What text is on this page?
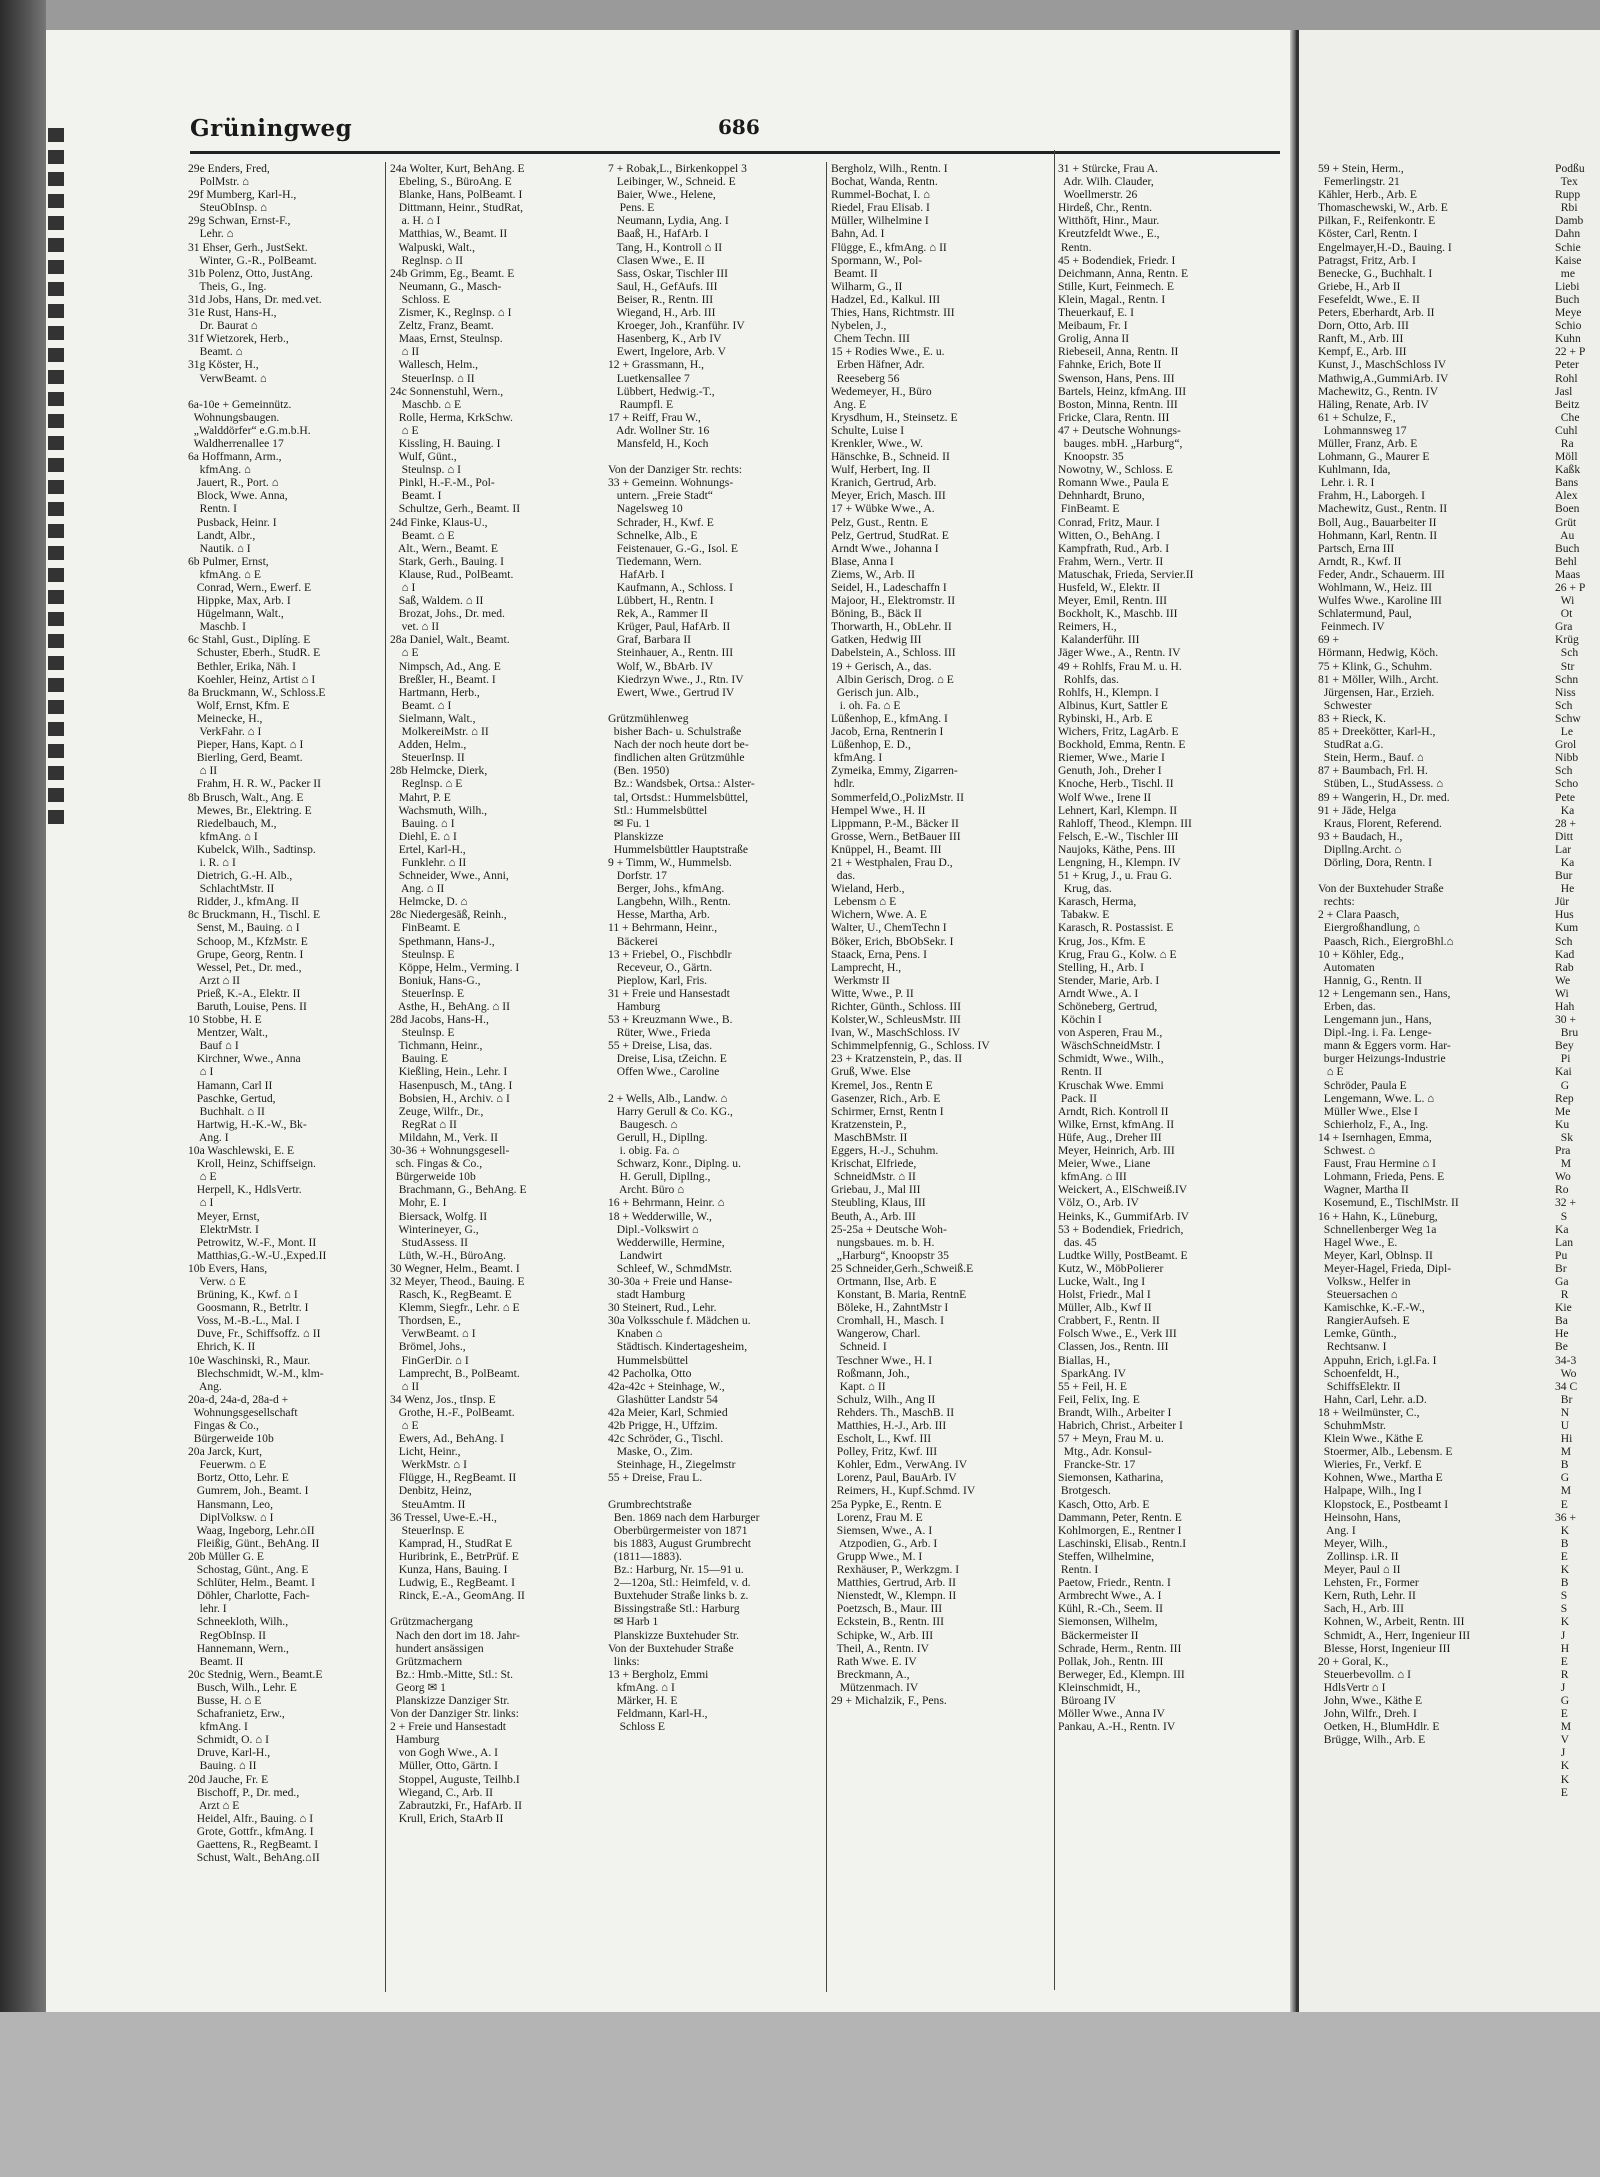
Grüningweg	686
29e Enders, Fred,
PolMstr. ⌂
29f Mumberg, Karl-H.,
SteuObInsp. ⌂
29g Schwan, Ernst-F.,
Lehr. ⌂
31 Ehser, Gerh., JustSekt.
Winter, G.-R., PolBeamt.
31b Polenz, Otto, JustAng.
Theis, G., Ing.
31d Jobs, Hans, Dr. med.vet.
31e Rust, Hans-H.,
Dr. Baurat ⌂
31f Wietzorek, Herb.,
Beamt. ⌂
31g Köster, H.,
VerwBeamt. ⌂

6a-10e + Gemeinnütz.
Wohnungsbaugen.
„Walddörfer“ e.G.m.b.H.
Waldherrenallee 17
6a Hoffmann, Arm.,
kfmAng. ⌂
Jauert, R., Port. ⌂
Block, Wwe. Anna,
Rentn. I
Pusback, Heinr. I
Landt, Albr.,
Nautik. ⌂ I
6b Pulmer, Ernst,
kfmAng. ⌂ E
Conrad, Wern., Ewerf. E
Hippke, Max, Arb. I
Hügelmann, Walt.,
Maschb. I
6c Stahl, Gust., Diplíng. E
Schuster, Eberh., StudR. E
Bethler, Erika, Näh. I
Koehler, Heinz, Artist ⌂ I
8a Bruckmann, W., Schloss.E
Wolf, Ernst, Kfm. E
Meinecke, H.,
VerkFahr. ⌂ I
Pieper, Hans, Kapt. ⌂ I
Bierling, Gerd, Beamt.
⌂ II
Frahm, H. R. W., Packer II
8b Brusch, Walt., Ang. E
Mewes, Br., Elektring. E
Riedelbauch, M.,
kfmAng. ⌂ I
Kubelck, Wilh., Sadtinsp.
i. R. ⌂ I
Dietrich, G.-H. Alb.,
SchlachtMstr. II
Ridder, J., kfmAng. II
8c Bruckmann, H., Tischl. E
Senst, M., Bauing. ⌂ I
Schoop, M., KfzMstr. E
Grupe, Georg, Rentn. I
Wessel, Pet., Dr. med.,
Arzt ⌂ II
Prieß, K.-A., Elektr. II
Baruth, Louise, Pens. II
10 Stobbe, H. E
Mentzer, Walt.,
Bauf ⌂ I
Kirchner, Wwe., Anna
⌂ I
Hamann, Carl II
Paschke, Gertud,
Buchhalt. ⌂ II
Hartwig, H.-K.-W., Bk-
Ang. I
10a Waschlewski, E. E
Kroll, Heinz, Schiffseign.
⌂ E
Herpell, K., HdlsVertr.
⌂ I
Meyer, Ernst,
ElektrMstr. I
Petrowitz, W.-F., Mont. II
Matthias,G.-W.-U.,Exped.II
10b Evers, Hans,
Verw. ⌂ E
Brüning, K., Kwf. ⌂ I
Goosmann, R., Betrltr. I
Voss, M.-B.-L., Mal. I
Duve, Fr., Schiffsoffz. ⌂ II
Ehrich, K. II
10e Waschinski, R., Maur.
Blechschmidt, W.-M., klm-
Ang.
20a-d, 24a-d, 28a-d +
Wohnungsgesellschaft
Fingas & Co.,
Bürgerweide 10b
20a Jarck, Kurt,
Feuerwm. ⌂ E
Bortz, Otto, Lehr. E
Gumrem, Joh., Beamt. I
Hansmann, Leo,
DiplVolksw. ⌂ I
Waag, Ingeborg, Lehr.⌂II
Fleißig, Günt., BehAng. II
20b Müller G. E
Schostag, Günt., Ang. E
Schlüter, Helm., Beamt. I
Döhler, Charlotte, Fach-
lehr. I
Schneekloth, Wilh.,
RegObInsp. II
Hannemann, Wern.,
Beamt. II
20c Stednig, Wern., Beamt.E
Busch, Wilh., Lehr. E
Busse, H. ⌂ E
Schafranietz, Erw.,
kfmAng. I
Schmidt, O. ⌂ I
Druve, Karl-H.,
Bauing. ⌂ II
20d Jauche, Fr. E
Bischoff, P., Dr. med.,
Arzt ⌂ E
Heidel, Alfr., Bauing. ⌂ I
Grote, Gottfr., kfmAng. I
Gaettens, R., RegBeamt. I
Schust, Walt., BehAng.⌂II
24a Wolter, Kurt, BehAng. E
Ebeling, S., BüroAng. E
Blanke, Hans, PolBeamt. I
Dittmann, Heinr., StudRat,
a. H. ⌂ I
Matthias, W., Beamt. II
Walpuski, Walt.,
Reglnsp. ⌂ II
24b Grimm, Eg., Beamt. E
Neumann, G., Masch-
Schloss. E
Zismer, K., Reglnsp. ⌂ I
Zeltz, Franz, Beamt.
Maas, Ernst, Steulnsp.
⌂ II
Wallesch, Helm.,
SteuerInsp. ⌂ II
24c Sonnenstuhl, Wern.,
Maschb. ⌂ E
Rolle, Herma, KrkSchw.
⌂ E
Kissling, H. Bauing. I
Wulf, Günt.,
Steulnsp. ⌂ I
Pinkl, H.-F.-M., Pol-
Beamt. I
Schultze, Gerh., Beamt. II
24d Finke, Klaus-U.,
Beamt. ⌂ E
Alt., Wern., Beamt. E
Stark, Gerh., Bauing. I
Klause, Rud., PolBeamt.
⌂ I
Saß, Waldem. ⌂ II
Brozat, Johs., Dr. med.
vet. ⌂ II
28a Daniel, Walt., Beamt.
⌂ E
Nimpsch, Ad., Ang. E
Breßler, H., Beamt. I
Hartmann, Herb.,
Beamt. ⌂ I
Sielmann, Walt.,
MolkereiMstr. ⌂ II
Adden, Helm.,
SteuerInsp. II
28b Helmcke, Dierk,
Reglnsp. ⌂ E
Mahrt, P. E
Wachsmuth, Wilh.,
Bauing. ⌂ I
Diehl, E. ⌂ I
Ertel, Karl-H.,
Funklehr. ⌂ II
Schneider, Wwe., Anni,
Ang. ⌂ II
Helmcke, D. ⌂
28c Niedergesäß, Reinh.,
FinBeamt. E
Spethmann, Hans-J.,
Steulnsp. E
Köppe, Helm., Verming. I
Boniuk, Hans-G.,
SteuerInsp. E
Asthe, H., BehAng. ⌂ II
28d Jacobs, Hans-H.,
Steulnsp. E
Tichmann, Heinr.,
Bauing. E
Kießling, Hein., Lehr. I
Hasenpusch, M., tAng. I
Bobsien, H., Archiv. ⌂ I
Zeuge, Wilfr., Dr.,
RegRat ⌂ II
Mildahn, M., Verk. II
30-36 + Wohnungsgesell-
sch. Fingas & Co.,
Bürgerweide 10b
Brachmann, G., BehAng. E
Mohr, E. I
Biersack, Wolfg. II
Winterineyer, G.,
StudAssess. II
Lüth, W.-H., BüroAng.
30 Wegner, Helm., Beamt. I
32 Meyer, Theod., Bauing. E
Rasch, K., RegBeamt. E
Klemm, Siegfr., Lehr. ⌂ E
Thordsen, E.,
VerwBeamt. ⌂ I
Brömel, Johs.,
FinGerDir. ⌂ I
Lamprecht, B., PolBeamt.
⌂ II
34 Wenz, Jos., tInsp. E
Grothe, H.-F., PolBeamt.
⌂ E
Ewers, Ad., BehAng. I
Licht, Heinr.,
WerkMstr. ⌂ I
Flügge, H., RegBeamt. II
Denbitz, Heinz,
SteuAmtm. II
36 Tressel, Uwe-E.-H.,
SteuerInsp. E
Kamprad, H., StudRat E
Huribrink, E., BetrPrüf. E
Kunza, Hans, Bauing. I
Ludwig, E., RegBeamt. I
Rinck, E.-A., GeomAng. II

Grützmachergang
Nach den dort im 18. Jahr-
hundert ansässigen
Grützmachern
Bz.: Hmb.-Mitte, Stl.: St.
Georg ✉ 1
Planskizze Danziger Str.
Von der Danziger Str. links:
2 + Freie und Hansestadt
Hamburg
von Gogh Wwe., A. I
Müller, Otto, Gärtn. I
Stoppel, Auguste, Teilhb.I
Wiegand, C., Arb. II
Zabrautzki, Fr., HafArb. II
Krull, Erich, StaArb II
7 + Robak,L., Birkenkoppel 3
Leibinger, W., Schneid. E
Baier, Wwe., Helene,
Pens. E
Neumann, Lydia, Ang. I
Baaß, H., HafArb. I
Tang, H., Kontroll ⌂ II
Clasen Wwe., E. II
Sass, Oskar, Tischler III
Saul, H., GefAufs. III
Beiser, R., Rentn. III
Wiegand, H., Arb. III
Kroeger, Joh., Kranführ. IV
Hasenberg, K., Arb IV
Ewert, Ingelore, Arb. V
12 + Grassmann, H.,
Luetkensallee 7
Lübbert, Hedwig.-T.,
Raumpfl. E
17 + Reiff, Frau W.,
Adr. Wollner Str. 16
Mansfeld, H., Koch

Von der Danziger Str. rechts:
33 + Gemeinn. Wohnungs-
untern. „Freie Stadt“
Nagelsweg 10
Schrader, H., Kwf. E
Schnelke, Alb., E
Feistenauer, G.-G., Isol. E
Tiedemann, Wern.
HafArb. I
Kaufmann, A., Schloss. I
Lübbert, H., Rentn. I
Rek, A., Rammer II
Krüger, Paul, HafArb. II
Graf, Barbara II
Steinhauer, A., Rentn. III
Wolf, W., BbArb. IV
Kiedrzyn Wwe., J., Rtn. IV
Ewert, Wwe., Gertrud IV

Grützmühlenweg
bisher Bach- u. Schulstraße
Nach der noch heute dort be-
findlichen alten Grützmühle
(Ben. 1950)
Bz.: Wandsbek, Ortsa.: Alster-
tal, Ortsdst.: Hummelsbüttel,
Stl.: Hummelsbüttel
✉ Fu. 1
Planskizze
Hummelsbüttler Hauptstraße
9 + Timm, W., Hummelsb.
Dorfstr. 17
Berger, Johs., kfmAng.
Langbehn, Wilh., Rentn.
Hesse, Martha, Arb.
11 + Behrmann, Heinr.,
Bäckerei
13 + Friebel, O., Fischbdlr
Receveur, O., Gärtn.
Pieplow, Karl, Fris.
31 + Freie und Hansestadt
Hamburg
53 + Kreuzmann Wwe., B.
Rüter, Wwe., Frieda
55 + Dreise, Lisa, das.
Dreise, Lisa, tZeichn. E
Offen Wwe., Caroline

2 + Wells, Alb., Landw. ⌂
Harry Gerull & Co. KG.,
Baugesch. ⌂
Gerull, H., Dipllng.
i. obig. Fa. ⌂
Schwarz, Konr., Diplng. u.
H. Gerull, Dipllng.,
Archt. Büro ⌂
16 + Behrmann, Heinr. ⌂
18 + Wedderwille, W.,
Dipl.-Volkswirt ⌂
Wedderwille, Hermine,
Landwirt
Schleef, W., SchmdMstr.
30-30a + Freie und Hanse-
stadt Hamburg
30 Steinert, Rud., Lehr.
30a Volksschule f. Mädchen u.
Knaben ⌂
Städtisch. Kindertagesheim,
Hummelsbüttel
42 Pacholka, Otto
42a-42c + Steinhage, W.,
Glashütter Landstr 54
42a Meier, Karl, Schmied
42b Prigge, H., Uffzim.
42c Schröder, G., Tischl.
Maske, O., Zim.
Steinhage, H., Ziegelmstr
55 + Dreise, Frau L.

Grumbrechtstraße
Ben. 1869 nach dem Harburger
Oberbürgermeister von 1871
bis 1883, August Grumbrecht
(1811—1883).
Bz.: Harburg, Nr. 15—91 u.
2—120a, Stl.: Heimfeld, v. d.
Buxtehuder Straße links b. z.
Bissingstraße Stl.: Harburg
✉ Harb 1
Planskizze Buxtehuder Str.
Von der Buxtehuder Straße
links:
13 + Bergholz, Emmi
kfmAng. ⌂ I
Märker, H. E
Feldmann, Karl-H.,
Schloss E
Bergholz, Wilh., Rentn. I
Bochat, Wanda, Rentn.
Rummel-Bochat, I. ⌂
Riedel, Frau Elisab. I
Müller, Wilhelmine I
Bahn, Ad. I
Flügge, E., kfmAng. ⌂ II
Spormann, W., Pol-
Beamt. II
Wilharm, G., II
Hadzel, Ed., Kalkul. III
Thies, Hans, Richtmstr. III
Nybelen, J.,
Chem Techn. III
15 + Rodies Wwe., E. u.
Erben Häfner, Adr.
Reeseberg 56
Wedemeyer, H., Büro
Ang. E
Krysdhum, H., Steinsetz. E
Schulte, Luise I
Krenkler, Wwe., W.
Hänschke, B., Schneid. II
Wulf, Herbert, Ing. II
Kranich, Gertrud, Arb.
Meyer, Erich, Masch. III
17 + Wübke Wwe., A.
Pelz, Gust., Rentn. E
Pelz, Gertrud, StudRat. E
Arndt Wwe., Johanna I
Blase, Anna I
Ziems, W., Arb. II
Seidel, H., Ladeschaffn I
Majoor, H., Elektromstr. II
Böning, B., Bäck II
Thorwarth, H., ObLehr. II
Gatken, Hedwig III
Dabelstein, A., Schloss. III
19 + Gerisch, A., das.
Albin Gerisch, Drog. ⌂ E
Gerisch jun. Alb.,
i. oh. Fa. ⌂ E
Lüßenhop, E., kfmAng. I
Jacob, Erna, Rentnerin I
Lüßenhop, E. D.,
kfmAng. I
Zymeika, Emmy, Zigarren-
hdlr.
Sommerfeld,O.,PolizMstr. II
Hempel Wwe., H. II
Lippmann, P.-M., Bäcker II
Grosse, Wern., BetBauer III
Knüppel, H., Beamt. III
21 + Westphalen, Frau D.,
das.
Wieland, Herb.,
Lebensm ⌂ E
Wichern, Wwe. A. E
Walter, U., ChemTechn I
Böker, Erich, BbObSekr. I
Staack, Erna, Pens. I
Lamprecht, H.,
Werkmstr II
Witte, Wwe., P. II
Richter, Günth., Schloss. III
Kolster,W., SchleusMstr. III
Ivan, W., MaschSchloss. IV
Schimmelpfennig, G., Schloss. IV
23 + Kratzenstein, P., das. II
Gruß, Wwe. Else
Kremel, Jos., Rentn E
Gasenzer, Rich., Arb. E
Schirmer, Ernst, Rentn I
Kratzenstein, P.,
MaschBMstr. II
Eggers, H.-J., Schuhm.
Krischat, Elfriede,
SchneidMstr. ⌂ II
Griebau, J., Mal III
Steubling, Klaus, III
Beuth, A., Arb. III
25-25a + Deutsche Woh-
nungsbaues. m. b. H.
„Harburg“, Knoopstr 35
25 Schneider,Gerh.,Schweiß.E
Ortmann, Ilse, Arb. E
Konstant, B. Maria, RentnE
Böleke, H., ZahntMstr I
Cromhall, H., Masch. I
Wangerow, Charl.
Schneid. I
Teschner Wwe., H. I
Roßmann, Joh.,
Kapt. ⌂ II
Schulz, Wilh., Ang II
Rehders. Th., MaschB. II
Matthies, H.-J., Arb. III
Escholt, L., Kwf. III
Polley, Fritz, Kwf. III
Kohler, Edm., VerwAng. IV
Lorenz, Paul, BauArb. IV
Reimers, H., Kupf.Schmd. IV
25a Pypke, E., Rentn. E
Lorenz, Frau M. E
Siemsen, Wwe., A. I
Atzpodien, G., Arb. I
Grupp Wwe., M. I
Rexhäuser, P., Werkzgm. I
Matthies, Gertrud, Arb. II
Nienstedt, W., Klempn. II
Poetzsch, B., Maur. III
Eckstein, B., Rentn. III
Schipke, W., Arb. III
Theil, A., Rentn. IV
Rath Wwe. E. IV
Breckmann, A.,
Mützenmach. IV
29 + Michalzik, F., Pens.
31 + Stürcke, Frau A.
Adr. Wilh. Clauder,
Woellmerstr. 26
Hirdeß, Chr., Rentn.
Witthöft, Hinr., Maur.
Kreutzfeldt Wwe., E.,
Rentn.
45 + Bodendiek, Friedr. I
Deichmann, Anna, Rentn. E
Stille, Kurt, Feinmech. E
Klein, Magal., Rentn. I
Theuerkauf, E. I
Meibaum, Fr. I
Grolig, Anna II
Riebeseil, Anna, Rentn. II
Fahnke, Erich, Bote II
Swenson, Hans, Pens. III
Bartels, Heinz, kfmAng. III
Boston, Minna, Rentn. III
Fricke, Clara, Rentn. III
47 + Deutsche Wohnungs-
bauges. mbH. „Harburg“,
Knoopstr. 35
Nowotny, W., Schloss. E
Romann Wwe., Paula E
Dehnhardt, Bruno,
FinBeamt. E
Conrad, Fritz, Maur. I
Witten, O., BehAng. I
Kampfrath, Rud., Arb. I
Frahm, Wern., Vertr. II
Matuschak, Frieda, Servier.II
Husfeld, W., Elektr. II
Meyer, Emil, Rentn. III
Bockholt, K., Maschb. III
Reimers, H.,
Kalanderführ. III
Jäger Wwe., A., Rentn. IV
49 + Rohlfs, Frau M. u. H.
Rohlfs, das.
Rohlfs, H., Klempn. I
Albinus, Kurt, Sattler E
Rybinski, H., Arb. E
Wichers, Fritz, LagArb. E
Bockhold, Emma, Rentn. E
Riemer, Wwe., Marie I
Genuth, Joh., Dreher I
Knoche, Herb., Tischl. II
Wolf Wwe., Irene II
Lehnert, Karl, Klempn. II
Rahloff, Theod., Klempn. III
Felsch, E.-W., Tischler III
Naujoks, Käthe, Pens. III
Lengning, H., Klempn. IV
51 + Krug, J., u. Frau G.
Krug, das.
Karasch, Herma,
Tabakw. E
Karasch, R. Postassist. E
Krug, Jos., Kfm. E
Krug, Frau G., Kolw. ⌂ E
Stelling, H., Arb. I
Stender, Marie, Arb. I
Arndt Wwe., A. I
Schöneberg, Gertrud,
Köchin I
von Asperen, Frau M.,
WäschSchneidMstr. I
Schmidt, Wwe., Wilh.,
Rentn. II
Kruschak Wwe. Emmi
Pack. II
Arndt, Rich. Kontroll II
Wilke, Ernst, kfmAng. II
Hüfe, Aug., Dreher III
Meyer, Heinrich, Arb. III
Meier, Wwe., Liane
kfmAng. ⌂ III
Weickert, A., ElSchweiß.IV
Völz, O., Arb. IV
Heinks, K., GummifArb. IV
53 + Bodendiek, Friedrich,
das. 45
Ludtke Willy, PostBeamt. E
Kutz, W., MöbPolierer
Lucke, Walt., Ing I
Holst, Friedr., Mal I
Müller, Alb., Kwf II
Crabbert, F., Rentn. II
Folsch Wwe., E., Verk III
Classen, Jos., Rentn. III
Biallas, H.,
SparkAng. IV
55 + Feil, H. E
Feil, Felix, Ing. E
Brandt, Wilh., Arbeiter I
Habrich, Christ., Arbeiter I
57 + Meyn, Frau M. u.
Mtg., Adr. Konsul-
Francke-Str. 17
Siemonsen, Katharina,
Brotgesch.
Kasch, Otto, Arb. E
Dammann, Peter, Rentn. E
Kohlmorgen, E., Rentner I
Laschinski, Elisab., Rentn.I
Steffen, Wilhelmine,
Rentn. I
Paetow, Friedr., Rentn. I
Armbrecht Wwe., A. I
Kühl, R.-Ch., Seem. II
Siemonsen, Wilhelm,
Bäckermeister II
Schrade, Herm., Rentn. III
Pollak, Joh., Rentn. III
Berweger, Ed., Klempn. III
Kleinschmidt, H.,
Büroang IV
Möller Wwe., Anna IV
Pankau, A.-H., Rentn. IV
59 + Stein, Herm.,
Femerlingstr. 21
Kähler, Herb., Arb. E
Thomaschewski, W., Arb. E
Pilkan, F., Reifenkontr. E
Köster, Carl, Rentn. I
Engelmayer,H.-D., Bauing. I
Patragst, Fritz, Arb. I
Benecke, G., Buchhalt. I
Griebe, H., Arb II
Fesefeldt, Wwe., E. II
Peters, Eberhardt, Arb. II
Dorn, Otto, Arb. III
Ranft, M., Arb. III
Kempf, E., Arb. III
Kunst, J., MaschSchloss IV
Mathwig,A.,GummiArb. IV
Machewitz, G., Rentn. IV
Häling, Renate, Arb. IV
61 + Schulze, F.,
Lohmannsweg 17
Müller, Franz, Arb. E
Lohmann, G., Maurer E
Kuhlmann, Ida,
Lehr. i. R. I
Frahm, H., Laborgeh. I
Machewitz, Gust., Rentn. II
Boll, Aug., Bauarbeiter II
Hohmann, Karl, Rentn. II
Partsch, Erna III
Arndt, R., Kwf. II
Feder, Andr., Schauerm. III
Wohlmann, W., Heiz. III
Wulfes Wwe., Karoline III
Schlatermund, Paul,
Feinmech. IV
69 +
Hörmann, Hedwig, Köch.
75 + Klink, G., Schuhm.
81 + Möller, Wilh., Archt.
Jürgensen, Har., Erzieh.
Schwester
83 + Rieck, K.
85 + Dreekötter, Karl-H.,
StudRat a.G.
Stein, Herm., Bauf. ⌂
87 + Baumbach, Frl. H.
Stüben, L., StudAssess. ⌂
89 + Wangerin, H., Dr. med.
91 + Jäde, Helga
Kraus, Florent, Referend.
93 + Baudach, H.,
Dipllng.Archt. ⌂
Dörling, Dora, Rentn. I

Von der Buxtehuder Straße
rechts:
2 + Clara Paasch,
Eiergroßhandlung, ⌂
Paasch, Rich., EiergroBhl.⌂
10 + Köhler, Edg.,
Automaten
Hannig, G., Rentn. II
12 + Lengemann sen., Hans,
Erben, das.
Lengemann jun., Hans,
Dipl.-Ing. i. Fa. Lenge-
mann & Eggers vorm. Har-
burger Heizungs-Industrie
⌂ E
Schröder, Paula E
Lengemann, Wwe. L. ⌂
Müller Wwe., Else I
Schierholz, F., A., Ing.
14 + Isernhagen, Emma,
Schwest. ⌂
Faust, Frau Hermine ⌂ I
Lohmann, Frieda, Pens. E
Wagner, Martha II
Kosemund, E., TischlMstr. II
16 + Hahn, K., Lüneburg,
Schnellenberger Weg 1a
Hagel Wwe., E.
Meyer, Karl, Oblnsp. II
Meyer-Hagel, Frieda, Dipl-
Volksw., Helfer in
Steuersachen ⌂
Kamischke, K.-F.-W.,
RangierAufseh. E
Lemke, Günth.,
Rechtsanw. I
Appuhn, Erich, i.gl.Fa. I
Schoenfeldt, H.,
SchiffsElektr. II
Hahn, Carl, Lehr. a.D.
18 + Weilmünster, C.,
SchuhmMstr.
Klein Wwe., Käthe E
Stoermer, Alb., Lebensm. E
Wieries, Fr., Verkf. E
Kohnen, Wwe., Martha E
Halpape, Wilh., Ing I
Klopstock, E., Postbeamt I
Heinsohn, Hans,
Ang. I
Meyer, Wilh.,
Zollinsp. i.R. II
Meyer, Paul ⌂ II
Lehsten, Fr., Former
Kern, Ruth, Lehr. II
Sach, H., Arb. III
Kohnen, W., Arbeit, Rentn. III
Schmidt, A., Herr, Ingenieur III
Blesse, Horst, Ingenieur III
20 + Goral, K.,
Steuerbevollm. ⌂ I
HdlsVertr ⌂ I
John, Wwe., Käthe E
John, Wilfr., Dreh. I
Oetken, H., BlumHdlr. E
Brügge, Wilh., Arb. E
Podßu
Tex
Rupp
Rbi
Damb
Dahn
Schie
Kaise
me
Liebi
Buch
Meye
Schio
Kuhn
22 + P
Peter
Rohl
Jasl
Beitz
Che
Cuhl
Ra
Möll
Kaßk
Bans
Alex
Boen
Grüt
Au
Buch
Behl
Maas
26 + P
Wi
Ot
Gra
Krüg
Sch
Str
Schn
Niss
Sch
Schw
Le
Grol
Nibb
Sch
Scho
Pete
Ka
28 +
Ditt
Lar
Ka
Bur
He
Jür
Hus
Kum
Sch
Kad
Rab
We
Wi
Hah
30 +
Bru
Bey
Pi
Kai
G
Rep
Me
Ku
Sk
Pra
M
Wo
Ro
32 +
S
Ka
Lan
Pu
Br
Ga
R
Kie
Ba
He
Be
34-3
Wo
34 C
Br
N
U
Hi
M
B
G
M
E
36 +
K
B
E
K
B
S
S
K
J
H
E
R
J
G
E
M
V
J
K
K
E
